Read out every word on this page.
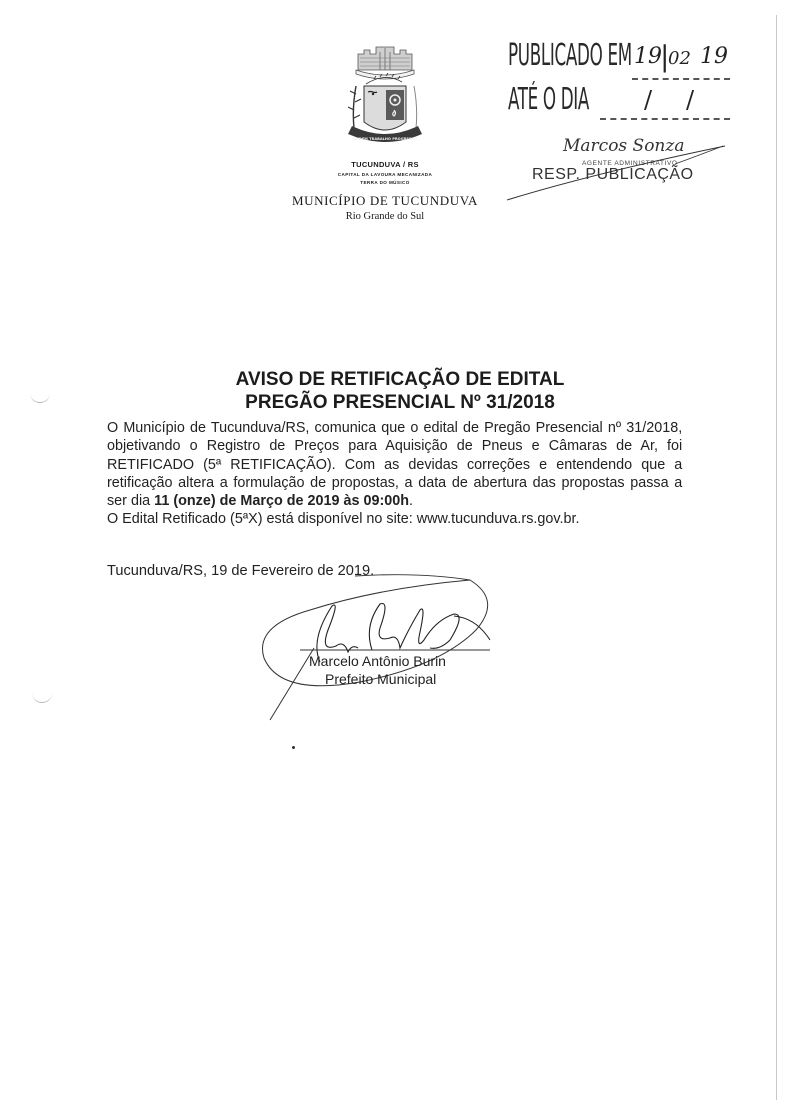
ORDEM TRABALHO PROGRESSO
TUCUNDUVA / RS
CAPITAL DA LAVOURA MECANIZADA
TERRA DO MÚSICO
MUNICÍPIO DE TUCUNDUVA
Rio Grande do Sul
PUBLICADO EM 19
|
02 19
ATÉ O DIA / /
Marcos Sonza
AGENTE ADMINISTRATIVO
RESP. PUBLICAÇÃO
AVISO DE RETIFICAÇÃO DE EDITAL
PREGÃO PRESENCIAL Nº 31/2018

O Município de Tucunduva/RS, comunica que o edital de Pregão Presencial nº 31/2018, objetivando o Registro de Preços para Aquisição de Pneus e Câmaras de Ar, foi RETIFICADO (5ª RETIFICAÇÃO). Com as devidas correções e entendendo que a retificação altera a formulação de propostas, a data de abertura das propostas passa a ser dia 11 (onze) de Março de 2019 às 09:00h.

O Edital Retificado (5ªX) está disponível no site: www.tucunduva.rs.gov.br.

Tucunduva/RS, 19 de Fevereiro de 2019.
Marcelo Antônio Burin
Prefeito Municipal
